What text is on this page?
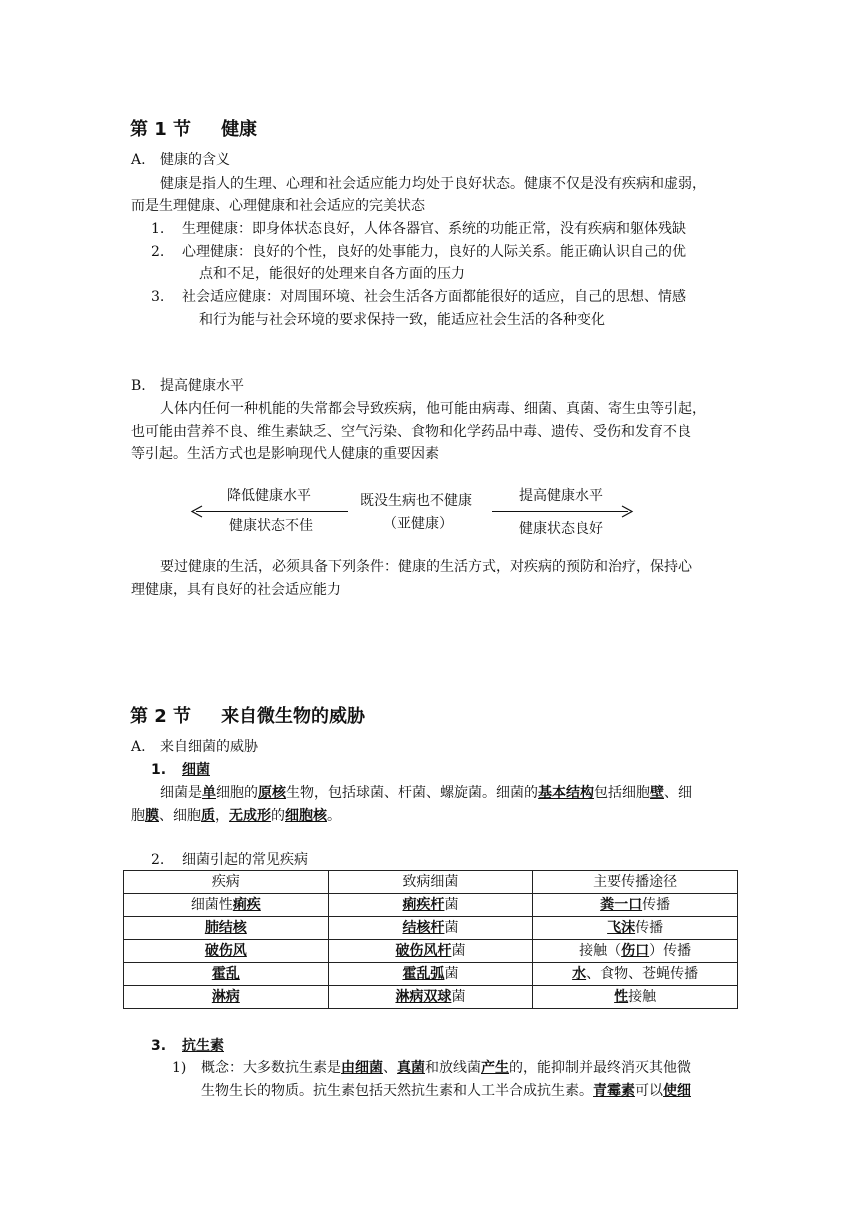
第 1 节 健康
A. 健康的含义
健康是指人的生理、心理和社会适应能力均处于良好状态。健康不仅是没有疾病和虚弱，
而是生理健康、心理健康和社会适应的完美状态
1. 生理健康：即身体状态良好，人体各器官、系统的功能正常，没有疾病和躯体残缺
2. 心理健康：良好的个性，良好的处事能力，良好的人际关系。能正确认识自己的优
点和不足，能很好的处理来自各方面的压力
3. 社会适应健康：对周围环境、社会生活各方面都能很好的适应，自己的思想、情感
和行为能与社会环境的要求保持一致，能适应社会生活的各种变化
B. 提高健康水平
人体内任何一种机能的失常都会导致疾病，他可能由病毒、细菌、真菌、寄生虫等引起，
也可能由营养不良、维生素缺乏、空气污染、食物和化学药品中毒、遗传、受伤和发育不良
等引起。生活方式也是影响现代人健康的重要因素
降低健康水平
健康状态不佳
既没生病也不健康
（亚健康）
提高健康水平
健康状态良好
要过健康的生活，必须具备下列条件：健康的生活方式，对疾病的预防和治疗，保持心
理健康，具有良好的社会适应能力
第 2 节 来自微生物的威胁
A. 来自细菌的威胁
1. 细菌
细菌是单细胞的原核生物，包括球菌、杆菌、螺旋菌。细菌的基本结构包括细胞壁、细
胞膜、细胞质，无成形的细胞核。
2. 细菌引起的常见疾病
疾病	致病细菌	主要传播途径
细菌性痢疾	痢疾杆菌	粪一口传播
肺结核	结核杆菌	飞沫传播
破伤风	破伤风杆菌	接触（伤口）传播
霍乱	霍乱弧菌	水、食物、苍蝇传播
淋病	淋病双球菌	性接触
3. 抗生素
1) 概念：大多数抗生素是由细菌、真菌和放线菌产生的，能抑制并最终消灭其他微
生物生长的物质。抗生素包括天然抗生素和人工半合成抗生素。青霉素可以使细
